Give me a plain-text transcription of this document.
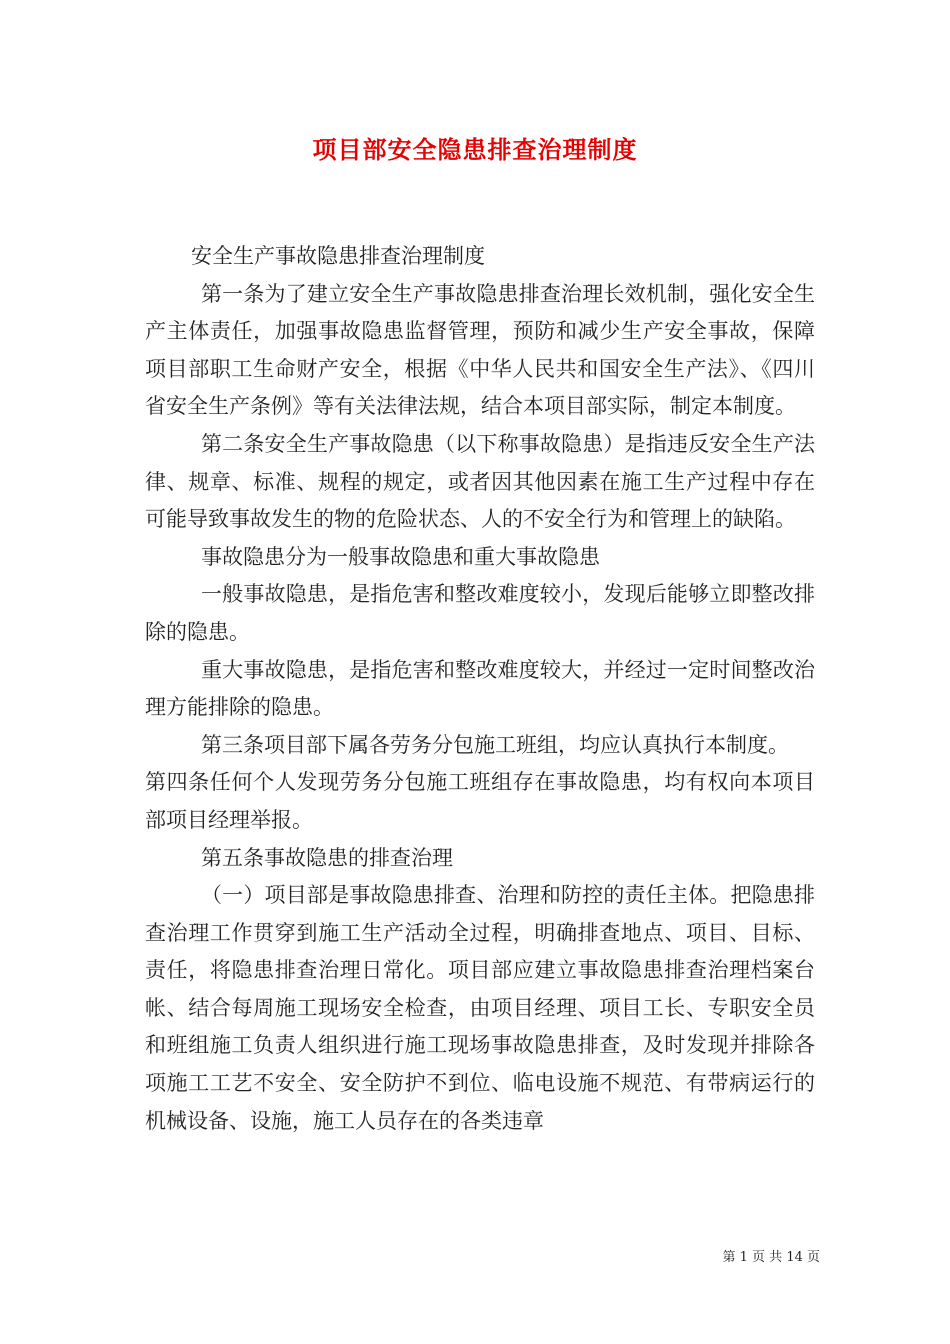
项目部安全隐患排查治理制度

安全生产事故隐患排查治理制度

第一条为了建立安全生产事故隐患排查治理长效机制，强化安全生产主体责任，加强事故隐患监督管理，预防和减少生产安全事故，保障项目部职工生命财产安全，根据《中华人民共和国安全生产法》、《四川省安全生产条例》等有关法律法规，结合本项目部实际，制定本制度。

第二条安全生产事故隐患（以下称事故隐患）是指违反安全生产法律、规章、标准、规程的规定，或者因其他因素在施工生产过程中存在可能导致事故发生的物的危险状态、人的不安全行为和管理上的缺陷。

事故隐患分为一般事故隐患和重大事故隐患

一般事故隐患，是指危害和整改难度较小，发现后能够立即整改排除的隐患。

重大事故隐患，是指危害和整改难度较大，并经过一定时间整改治理方能排除的隐患。

第三条项目部下属各劳务分包施工班组，均应认真执行本制度。

第四条任何个人发现劳务分包施工班组存在事故隐患，均有权向本项目部项目经理举报。

第五条事故隐患的排查治理

（一）项目部是事故隐患排查、治理和防控的责任主体。把隐患排查治理工作贯穿到施工生产活动全过程，明确排查地点、项目、目标、责任，将隐患排查治理日常化。项目部应建立事故隐患排查治理档案台帐、结合每周施工现场安全检查，由项目经理、项目工长、专职安全员和班组施工负责人组织进行施工现场事故隐患排查，及时发现并排除各项施工工艺不安全、安全防护不到位、临电设施不规范、有带病运行的机械设备、设施，施工人员存在的各类违章

第 1 页 共 14 页
